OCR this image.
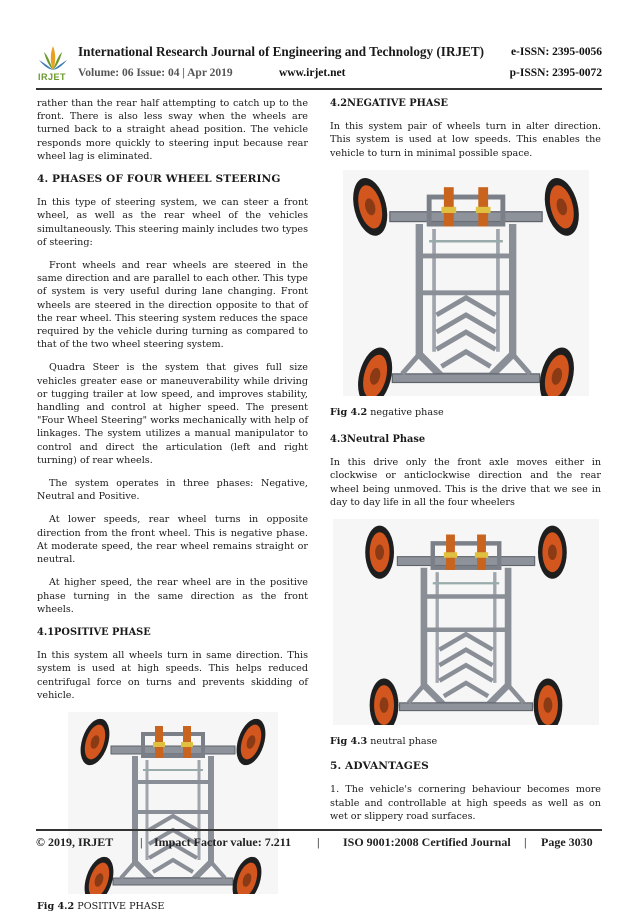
IRJET
International Research Journal of Engineering and Technology (IRJET) e-ISSN: 2395-0056
Volume: 06 Issue: 04 | Apr 2019	www.irjet.net	p-ISSN: 2395-0072

rather than the rear half attempting to catch up to the front. There is also less sway when the wheels are turned back to a straight ahead position. The vehicle responds more quickly to steering input because rear wheel lag is eliminated.

4. PHASES OF FOUR WHEEL STEERING

In this type of steering system, we can steer a front wheel, as well as the rear wheel of the vehicles simultaneously. This steering mainly includes two types of steering:

Front wheels and rear wheels are steered in the same direction and are parallel to each other. This type of system is very useful during lane changing. Front wheels are steered in the direction opposite to that of the rear wheel. This steering system reduces the space required by the vehicle during turning as compared to that of the two wheel steering system.

Quadra Steer is the system that gives full size vehicles greater ease or maneuverability while driving or tugging trailer at low speed, and improves stability, handling and control at higher speed. The present "Four Wheel Steering" works mechanically with help of linkages. The system utilizes a manual manipulator to control and direct the articulation (left and right turning) of rear wheels.

The system operates in three phases: Negative, Neutral and Positive.

At lower speeds, rear wheel turns in opposite direction from the front wheel. This is negative phase. At moderate speed, the rear wheel remains straight or neutral.

At higher speed, the rear wheel are in the positive phase turning in the same direction as the front wheels.

4.1POSITIVE PHASE

In this system all wheels turn in same direction. This system is used at high speeds. This helps reduced centrifugal force on turns and prevents skidding of vehicle.

Fig 4.2 POSITIVE PHASE

4.2NEGATIVE PHASE

In this system pair of wheels turn in alter direction. This system is used at low speeds. This enables the vehicle to turn in minimal possible space.

Fig 4.2 negative phase

4.3Neutral Phase

In this drive only the front axle moves either in clockwise or anticlockwise direction and the rear wheel being unmoved. This is the drive that we see in day to day life in all the four wheelers

Fig 4.3 neutral phase

5. ADVANTAGES

1. The vehicle's cornering behaviour becomes more stable and controllable at high speeds as well as on wet or slippery road surfaces.

© 2019, IRJET | Impact Factor value: 7.211 | ISO 9001:2008 Certified Journal | Page 3030
